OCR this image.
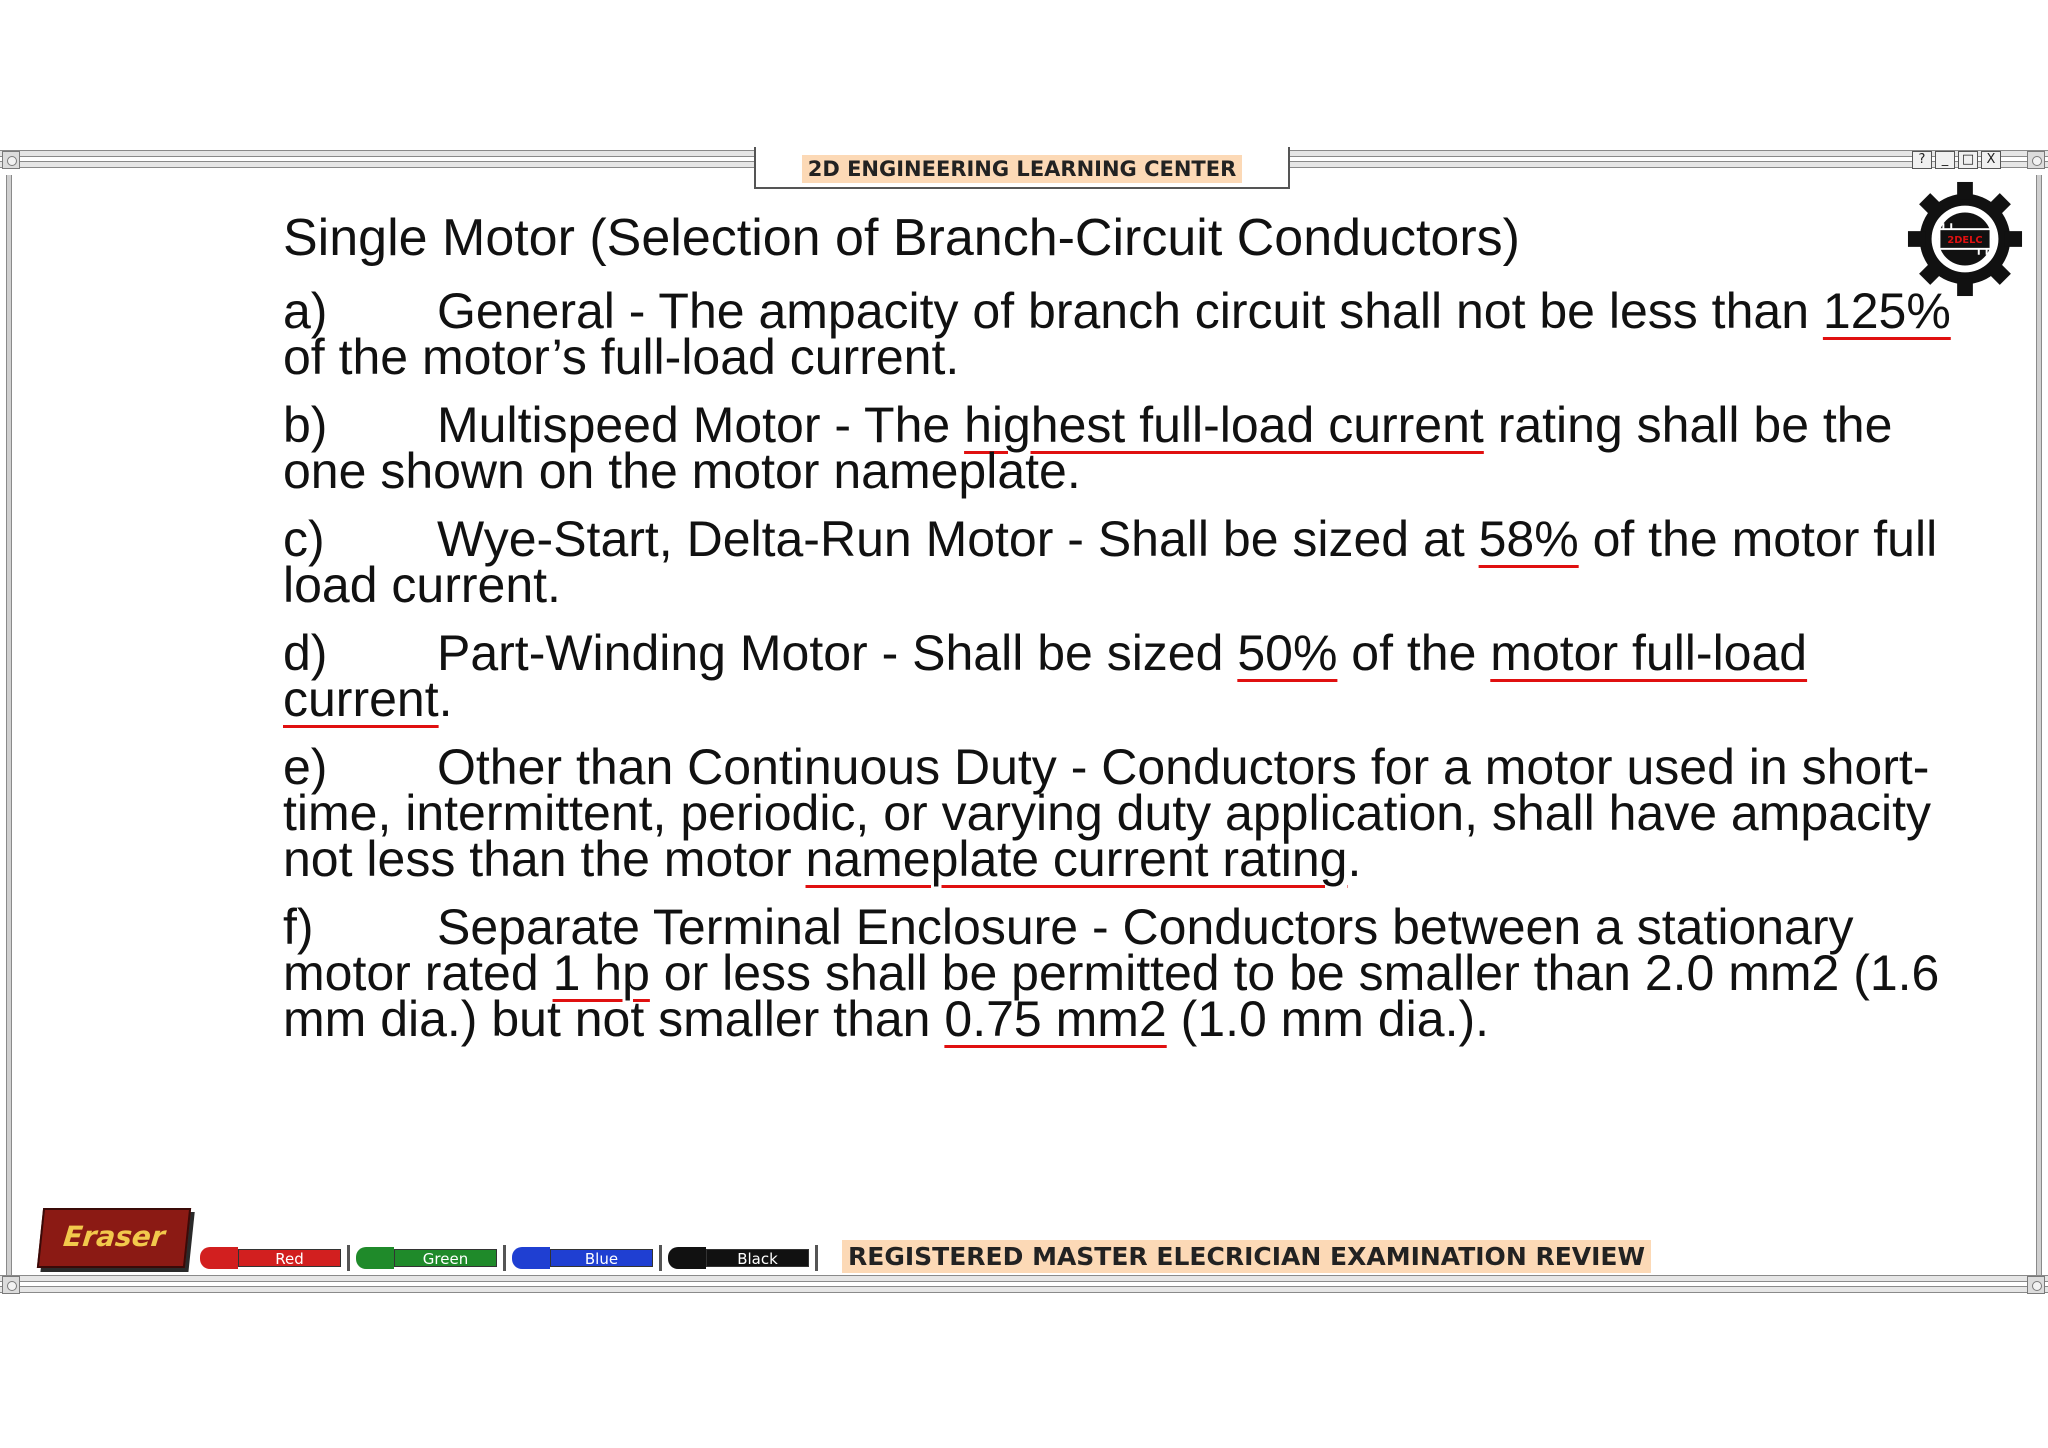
2D ENGINEERING LEARNING CENTER	?	_	□ X
2DELC
Single Motor (Selection of Branch-Circuit Conductors)
a) General - The ampacity of branch circuit shall not be less than 125% of the motor’s full-load current.
b) Multispeed Motor - The highest full-load current rating shall be the one shown on the motor nameplate.
c) Wye-Start, Delta-Run Motor - Shall be sized at 58% of the motor full load current.
d) Part-Winding Motor - Shall be sized 50% of the motor full-load current.
e) Other than Continuous Duty - Conductors for a motor used in short-time, intermittent, periodic, or varying duty application, shall have ampacity not less than the motor nameplate current rating.
f) Separate Terminal Enclosure - Conductors between a stationary motor rated 1 hp or less shall be permitted to be smaller than 2.0 mm2 (1.6 mm dia.) but not smaller than 0.75 mm2 (1.0 mm dia.).
Eraser
Red	Green	Blue	Black	REGISTERED MASTER ELECRICIAN EXAMINATION REVIEW
